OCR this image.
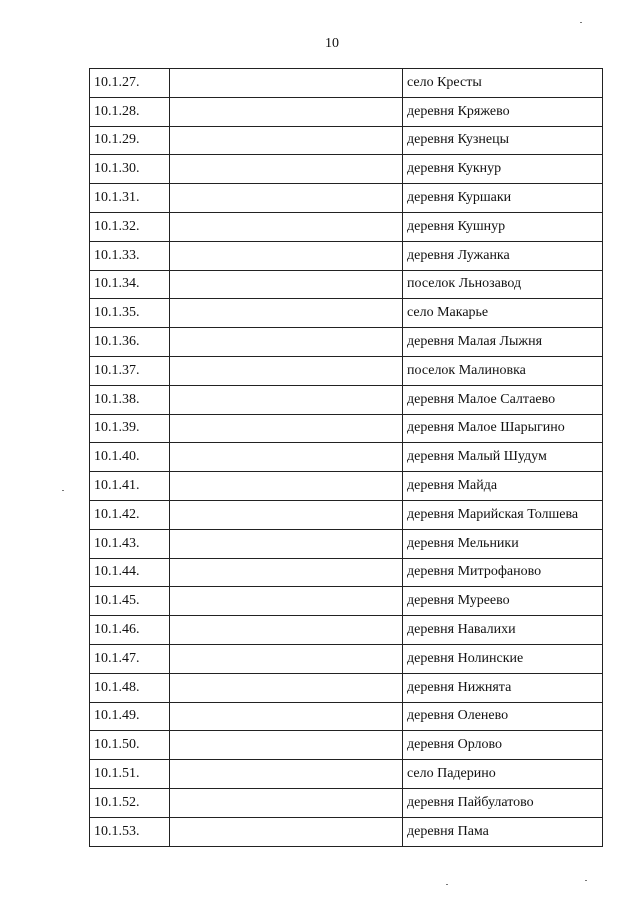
10
10.1.27.		село Кресты
10.1.28.		деревня Кряжево
10.1.29.		деревня Кузнецы
10.1.30.		деревня Кукнур
10.1.31.		деревня Куршаки
10.1.32.		деревня Кушнур
10.1.33.		деревня Лужанка
10.1.34.		поселок Льнозавод
10.1.35.		село Макарье
10.1.36.		деревня Малая Лыжня
10.1.37.		поселок Малиновка
10.1.38.		деревня Малое Салтаево
10.1.39.		деревня Малое Шарыгино
10.1.40.		деревня Малый Шудум
10.1.41.		деревня Майда
10.1.42.		деревня Марийская Толшева
10.1.43.		деревня Мельники
10.1.44.		деревня Митрофаново
10.1.45.		деревня Муреево
10.1.46.		деревня Навалихи
10.1.47.		деревня Нолинские
10.1.48.		деревня Нижнята
10.1.49.		деревня Оленево
10.1.50.		деревня Орлово
10.1.51.		село Падерино
10.1.52.		деревня Пайбулатово
10.1.53.		деревня Пама
